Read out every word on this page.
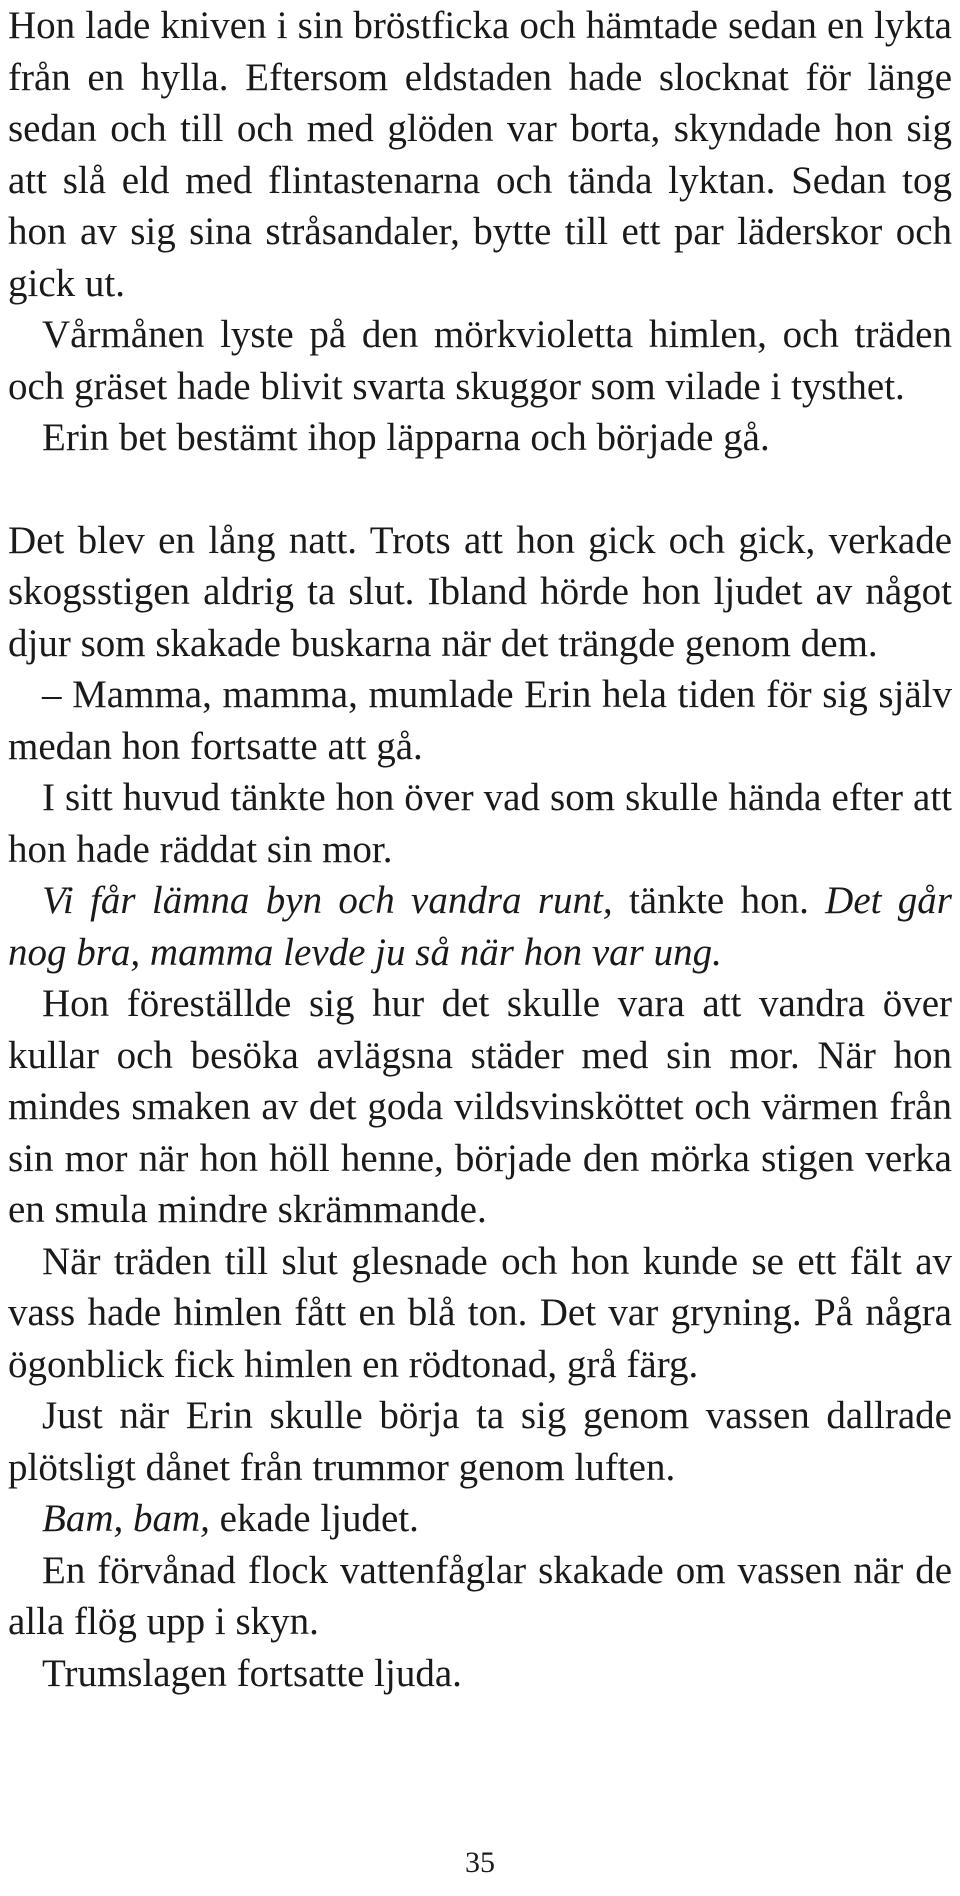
Hon lade kniven i sin bröstficka och hämtade sedan en lykta från en hylla. Eftersom eldstaden hade slocknat för länge sedan och till och med glöden var borta, skyndade hon sig att slå eld med flintastenarna och tända lyktan. Sedan tog hon av sig sina stråsandaler, bytte till ett par läderskor och gick ut.

Vårmånen lyste på den mörkvioletta himlen, och träden och gräset hade blivit svarta skuggor som vilade i tysthet.

Erin bet bestämt ihop läpparna och började gå.

Det blev en lång natt. Trots att hon gick och gick, verkade skogsstigen aldrig ta slut. Ibland hörde hon ljudet av något djur som skakade buskarna när det trängde genom dem.

– Mamma, mamma, mumlade Erin hela tiden för sig själv medan hon fortsatte att gå.

I sitt huvud tänkte hon över vad som skulle hända efter att hon hade räddat sin mor.

Vi får lämna byn och vandra runt, tänkte hon. Det går nog bra, mamma levde ju så när hon var ung.

Hon föreställde sig hur det skulle vara att vandra över kullar och besöka avlägsna städer med sin mor. När hon mindes smaken av det goda vildsvinsköttet och värmen från sin mor när hon höll henne, började den mörka stigen verka en smula mindre skrämmande.

När träden till slut glesnade och hon kunde se ett fält av vass hade himlen fått en blå ton. Det var gryning. På några ögonblick fick himlen en rödtonad, grå färg.

Just när Erin skulle börja ta sig genom vassen dallrade plötsligt dånet från trummor genom luften.

Bam, bam, ekade ljudet.

En förvånad flock vattenfåglar skakade om vassen när de alla flög upp i skyn.

Trumslagen fortsatte ljuda.

35
